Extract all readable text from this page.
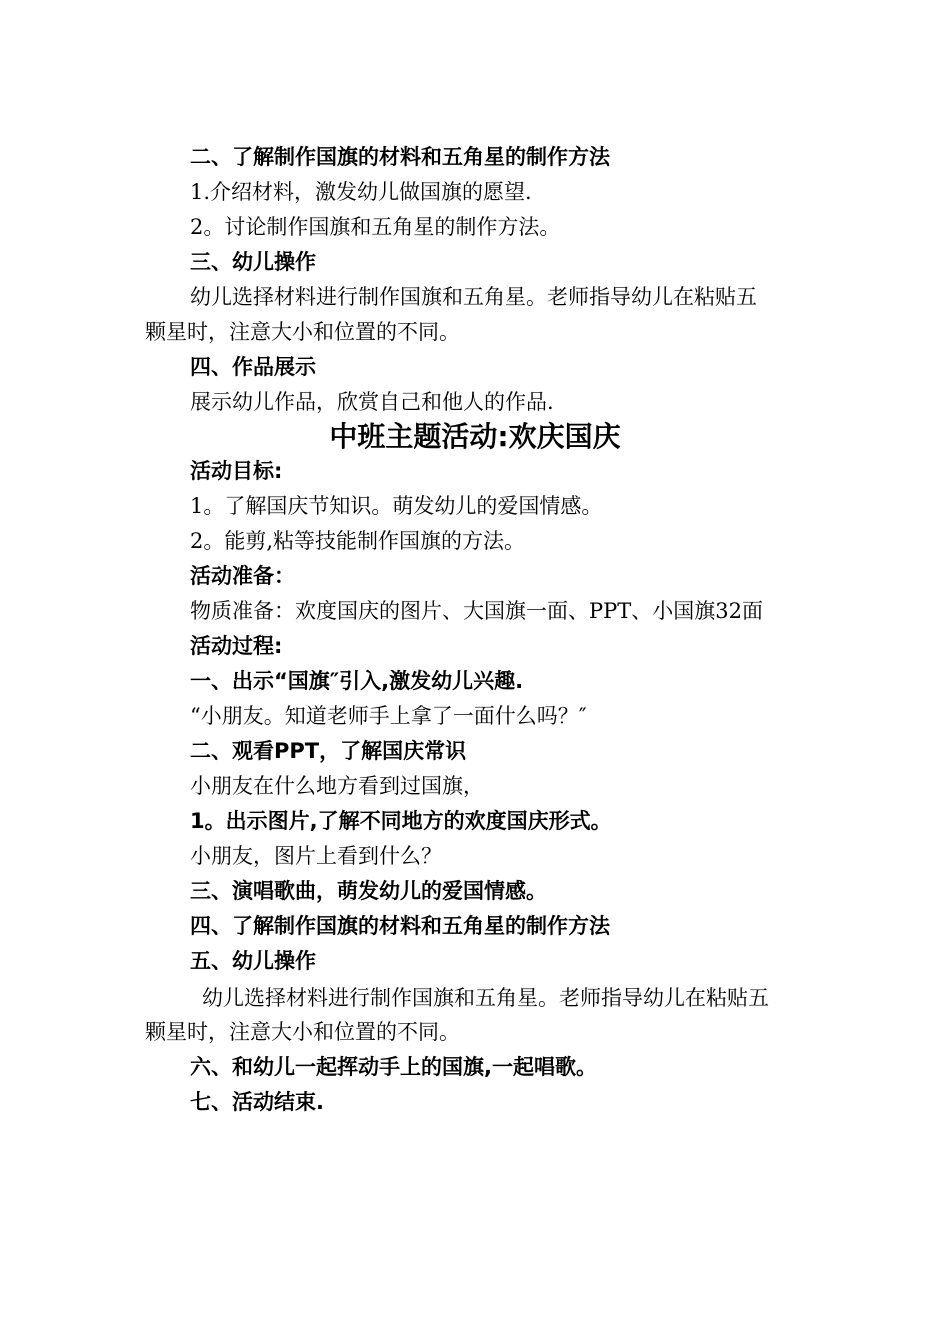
二、了解制作国旗的材料和五角星的制作方法
1.介绍材料，激发幼儿做国旗的愿望.
2。讨论制作国旗和五角星的制作方法。
三、幼儿操作
幼儿选择材料进行制作国旗和五角星。老师指导幼儿在粘贴五
颗星时，注意大小和位置的不同。
四、作品展示
展示幼儿作品，欣赏自己和他人的作品.
中班主题活动:欢庆国庆
活动目标:
1。了解国庆节知识。萌发幼儿的爱国情感。
2。能剪,粘等技能制作国旗的方法。
活动准备：
物质准备：欢度国庆的图片、大国旗一面、PPT、小国旗32面
活动过程:
一、出示“国旗″引入,激发幼儿兴趣.
“小朋友。知道老师手上拿了一面什么吗？″
二、观看PPT，了解国庆常识
小朋友在什么地方看到过国旗，
1。出示图片,了解不同地方的欢度国庆形式。
小朋友，图片上看到什么？
三、演唱歌曲，萌发幼儿的爱国情感。
四、了解制作国旗的材料和五角星的制作方法
五、幼儿操作
幼儿选择材料进行制作国旗和五角星。老师指导幼儿在粘贴五
颗星时，注意大小和位置的不同。
六、和幼儿一起挥动手上的国旗,一起唱歌。
七、活动结束.
